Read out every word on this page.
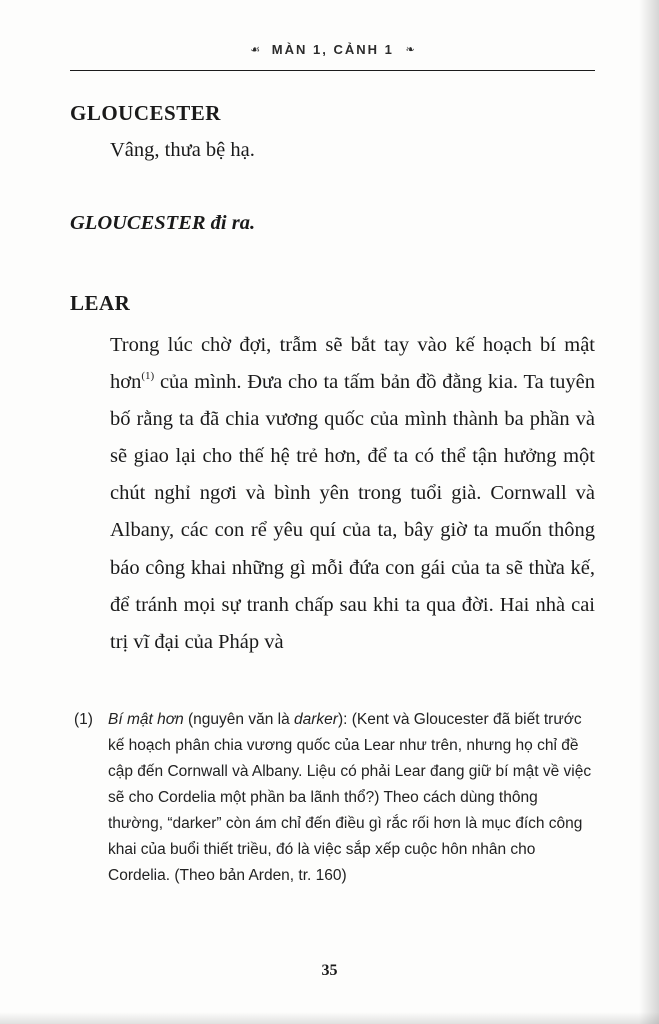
☙ MÀN 1, CẢNH 1 ❧
GLOUCESTER

Vâng, thưa bệ hạ.

GLOUCESTER đi ra.

LEAR

Trong lúc chờ đợi, trẫm sẽ bắt tay vào kế hoạch bí mật hơn$^{(1)}$ của mình. Đưa cho ta tấm bản đồ đằng kia. Ta tuyên bố rằng ta đã chia vương quốc của mình thành ba phần và sẽ giao lại cho thế hệ trẻ hơn, để ta có thể tận hưởng một chút nghỉ ngơi và bình yên trong tuổi già. Cornwall và Albany, các con rể yêu quí của ta, bây giờ ta muốn thông báo công khai những gì mỗi đứa con gái của ta sẽ thừa kế, để tránh mọi sự tranh chấp sau khi ta qua đời. Hai nhà cai trị vĩ đại của Pháp và

(1) Bí mật hơn (nguyên văn là darker): (Kent và Gloucester đã biết trước kế hoạch phân chia vương quốc của Lear như trên, nhưng họ chỉ đề cập đến Cornwall và Albany. Liệu có phải Lear đang giữ bí mật về việc sẽ cho Cordelia một phần ba lãnh thổ?) Theo cách dùng thông thường, “darker” còn ám chỉ đến điều gì rắc rối hơn là mục đích công khai của buổi thiết triều, đó là việc sắp xếp cuộc hôn nhân cho Cordelia. (Theo bản Arden, tr. 160)

35
